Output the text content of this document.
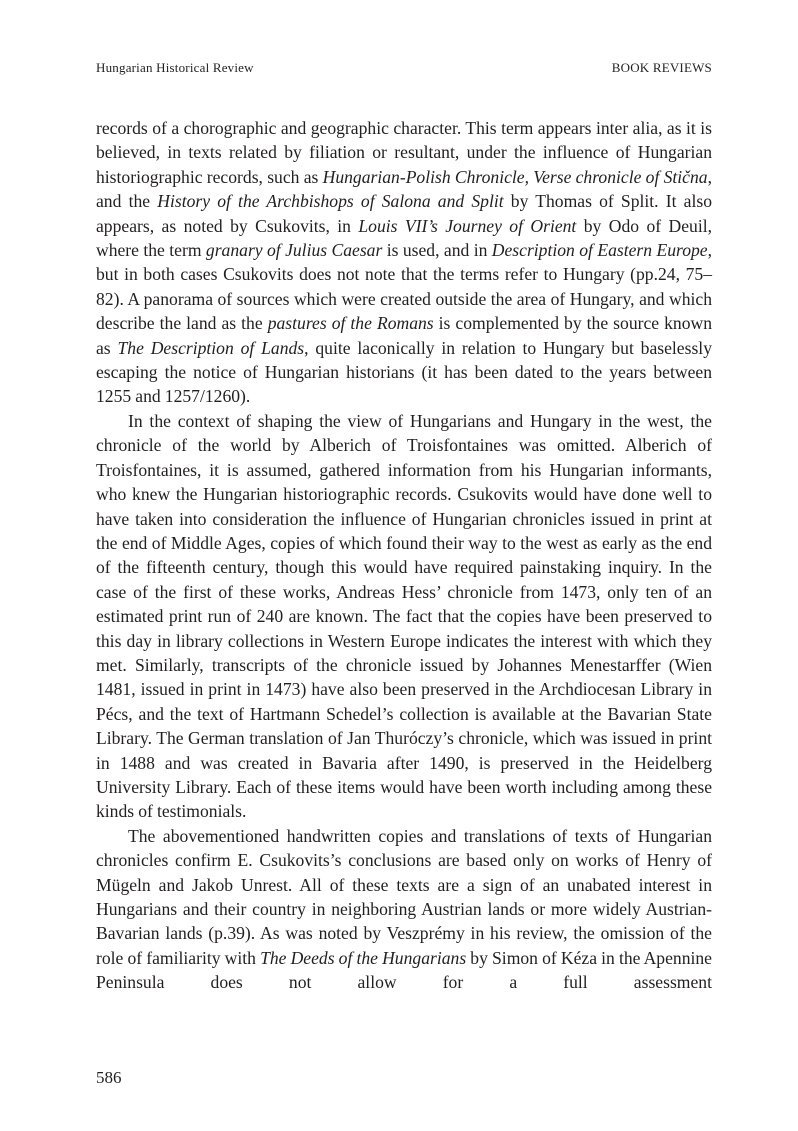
Hungarian Historical Review	BOOK REVIEWS

records of a chorographic and geographic character. This term appears inter alia, as it is believed, in texts related by filiation or resultant, under the influence of Hungarian historiographic records, such as Hungarian-Polish Chronicle, Verse chronicle of Stična, and the History of the Archbishops of Salona and Split by Thomas of Split. It also appears, as noted by Csukovits, in Louis VII’s Journey of Orient by Odo of Deuil, where the term granary of Julius Caesar is used, and in Description of Eastern Europe, but in both cases Csukovits does not note that the terms refer to Hungary (pp.24, 75–82). A panorama of sources which were created outside the area of Hungary, and which describe the land as the pastures of the Romans is complemented by the source known as The Description of Lands, quite laconically in relation to Hungary but baselessly escaping the notice of Hungarian historians (it has been dated to the years between 1255 and 1257/1260).

In the context of shaping the view of Hungarians and Hungary in the west, the chronicle of the world by Alberich of Troisfontaines was omitted. Alberich of Troisfontaines, it is assumed, gathered information from his Hungarian informants, who knew the Hungarian historiographic records. Csukovits would have done well to have taken into consideration the influence of Hungarian chronicles issued in print at the end of Middle Ages, copies of which found their way to the west as early as the end of the fifteenth century, though this would have required painstaking inquiry. In the case of the first of these works, Andreas Hess’ chronicle from 1473, only ten of an estimated print run of 240 are known. The fact that the copies have been preserved to this day in library collections in Western Europe indicates the interest with which they met. Similarly, transcripts of the chronicle issued by Johannes Menestarffer (Wien 1481, issued in print in 1473) have also been preserved in the Archdiocesan Library in Pécs, and the text of Hartmann Schedel’s collection is available at the Bavarian State Library. The German translation of Jan Thuróczy’s chronicle, which was issued in print in 1488 and was created in Bavaria after 1490, is preserved in the Heidelberg University Library. Each of these items would have been worth including among these kinds of testimonials.

The abovementioned handwritten copies and translations of texts of Hungarian chronicles confirm E. Csukovits’s conclusions are based only on works of Henry of Mügeln and Jakob Unrest. All of these texts are a sign of an unabated interest in Hungarians and their country in neighboring Austrian lands or more widely Austrian-Bavarian lands (p.39). As was noted by Veszprémy in his review, the omission of the role of familiarity with The Deeds of the Hungarians by Simon of Kéza in the Apennine Peninsula does not allow for a full assessment

586
